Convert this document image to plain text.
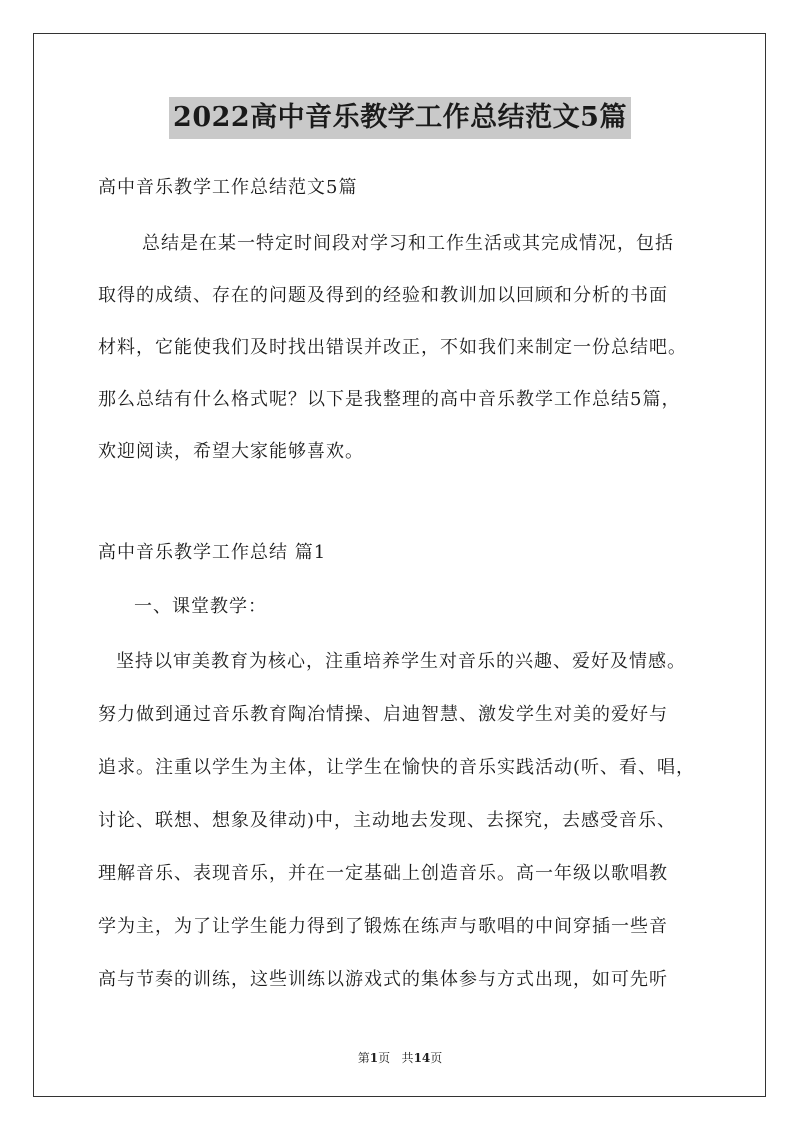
2022高中音乐教学工作总结范文5篇

高中音乐教学工作总结范文5篇

总结是在某一特定时间段对学习和工作生活或其完成情况，包括

取得的成绩、存在的问题及得到的经验和教训加以回顾和分析的书面

材料，它能使我们及时找出错误并改正，不如我们来制定一份总结吧。

那么总结有什么格式呢？以下是我整理的高中音乐教学工作总结5篇，

欢迎阅读，希望大家能够喜欢。

高中音乐教学工作总结 篇1

一、课堂教学：

坚持以审美教育为核心，注重培养学生对音乐的兴趣、爱好及情感。

努力做到通过音乐教育陶冶情操、启迪智慧、激发学生对美的爱好与

追求。注重以学生为主体，让学生在愉快的音乐实践活动(听、看、唱，

讨论、联想、想象及律动)中，主动地去发现、去探究，去感受音乐、

理解音乐、表现音乐，并在一定基础上创造音乐。高一年级以歌唱教

学为主，为了让学生能力得到了锻炼在练声与歌唱的中间穿插一些音

高与节奏的训练，这些训练以游戏式的集体参与方式出现，如可先听

第1页 共14页
